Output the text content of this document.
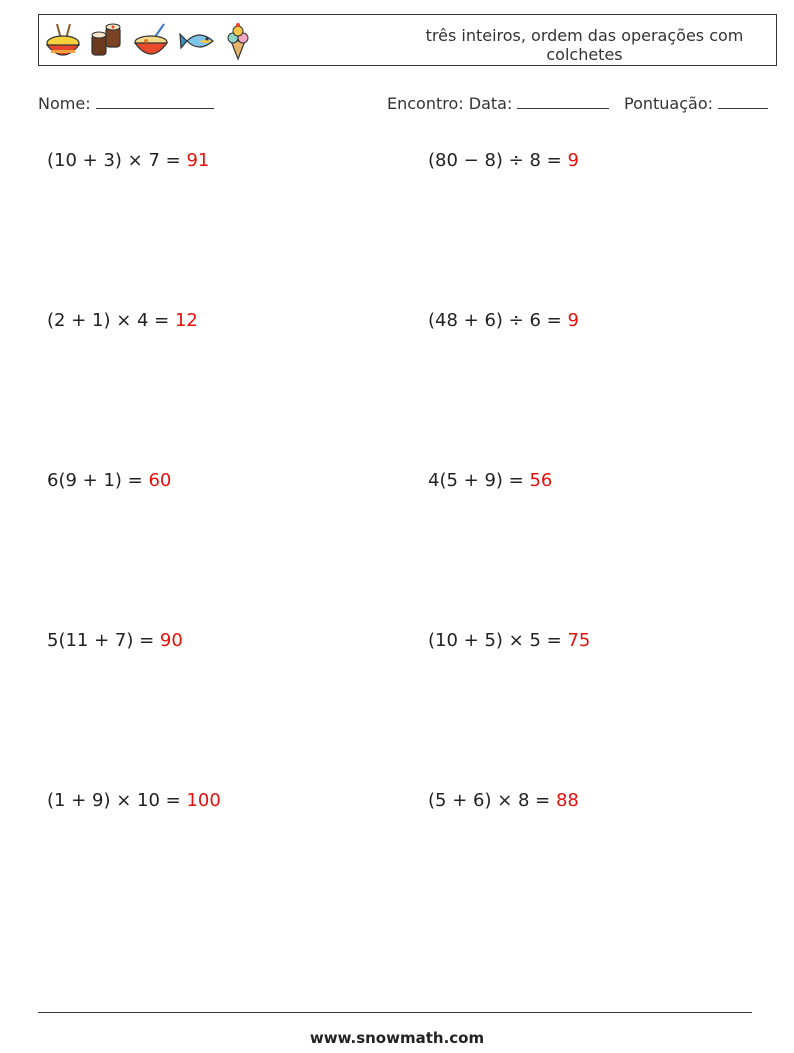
três inteiros, ordem das operações com colchetes
Nome:	Encontro: Data:	Pontuação:
(10 + 3) × 7 = 91	(80 − 8) ÷ 8 = 9
(2 + 1) × 4 = 12	(48 + 6) ÷ 6 = 9
6(9 + 1) = 60	4(5 + 9) = 56
5(11 + 7) = 90	(10 + 5) × 5 = 75
(1 + 9) × 10 = 100	(5 + 6) × 8 = 88
www.snowmath.com
